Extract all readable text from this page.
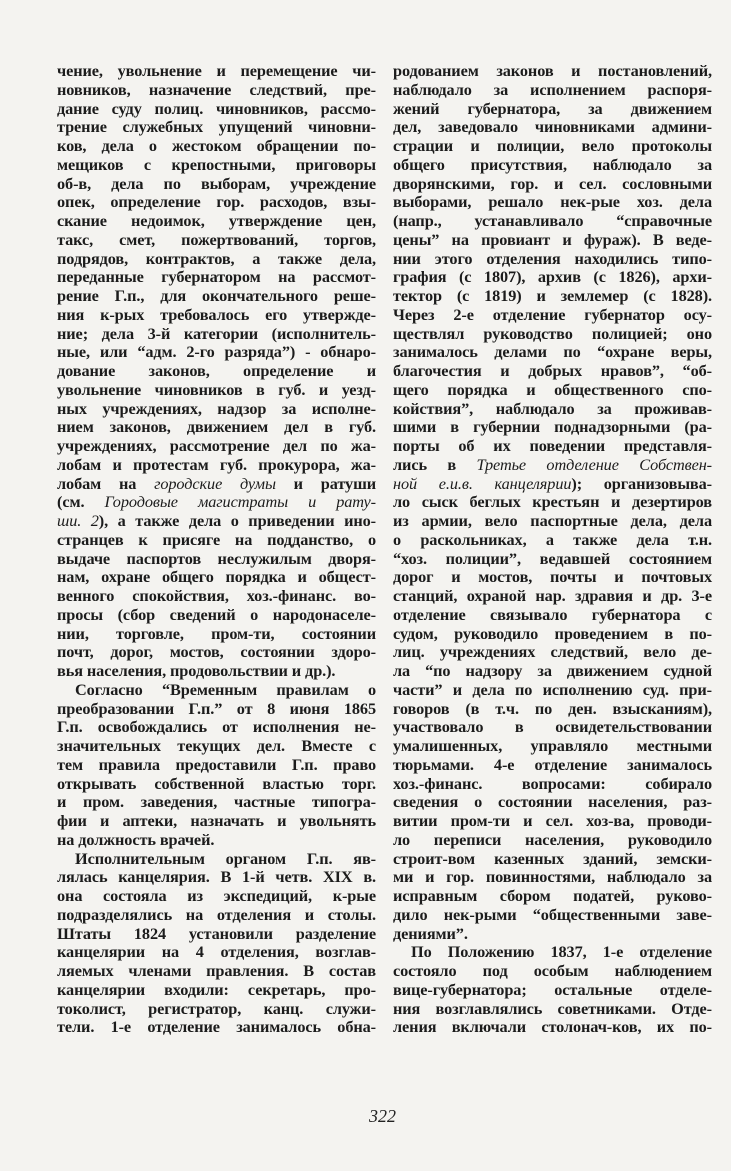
чение, увольнение и перемещение чи-
новников, назначение следствий, пре-
дание суду полиц. чиновников, рассмо-
трение служебных упущений чиновни-
ков, дела о жестоком обращении по-
мещиков с крепостными, приговоры
об-в, дела по выборам, учреждение
опек, определение гор. расходов, взы-
скание недоимок, утверждение цен,
такс, смет, пожертвований, торгов,
подрядов, контрактов, а также дела,
переданные губернатором на рассмот-
рение Г.п., для окончательного реше-
ния к-рых требовалось его утвержде-
ние; дела 3-й категории (исполнитель-
ные, или “адм. 2-го разряда”) - обнаро-
дование законов, определение и
увольнение чиновников в губ. и уезд-
ных учреждениях, надзор за исполне-
нием законов, движением дел в губ.
учреждениях, рассмотрение дел по жа-
лобам и протестам губ. прокурора, жа-
лобам на городские думы и ратуши
(см. Городовые магистраты и рату-
ши. 2), а также дела о приведении ино-
странцев к присяге на подданство, о
выдаче паспортов неслужилым дворя-
нам, охране общего порядка и общест-
венного спокойствия, хоз.-финанс. во-
просы (сбор сведений о народонаселе-
нии, торговле, пром-ти, состоянии
почт, дорог, мостов, состоянии здоро-
вья населения, продовольствии и др.).
Согласно “Временным правилам о
преобразовании Г.п.” от 8 июня 1865
Г.п. освобождались от исполнения не-
значительных текущих дел. Вместе с
тем правила предоставили Г.п. право
открывать собственной властью торг.
и пром. заведения, частные типогра-
фии и аптеки, назначать и увольнять
на должность врачей.
Исполнительным органом Г.п. яв-
лялась канцелярия. В 1-й четв. XIX в.
она состояла из экспедиций, к-рые
подразделялись на отделения и столы.
Штаты 1824 установили разделение
канцелярии на 4 отделения, возглав-
ляемых членами правления. В состав
канцелярии входили: секретарь, про-
токолист, регистратор, канц. служи-
тели. 1-е отделение занималось обна-
родованием законов и постановлений,
наблюдало за исполнением распоря-
жений губернатора, за движением
дел, заведовало чиновниками админи-
страции и полиции, вело протоколы
общего присутствия, наблюдало за
дворянскими, гор. и сел. сословными
выборами, решало нек-рые хоз. дела
(напр., устанавливало “справочные
цены” на провиант и фураж). В веде-
нии этого отделения находились типо-
графия (с 1807), архив (с 1826), архи-
тектор (с 1819) и землемер (с 1828).
Через 2-е отделение губернатор осу-
ществлял руководство полицией; оно
занималось делами по “охране веры,
благочестия и добрых нравов”, “об-
щего порядка и общественного спо-
койствия”, наблюдало за проживав-
шими в губернии поднадзорными (ра-
порты об их поведении представля-
лись в Третье отделение Собствен-
ной е.и.в. канцелярии); организовыва-
ло сыск беглых крестьян и дезертиров
из армии, вело паспортные дела, дела
о раскольниках, а также дела т.н.
“хоз. полиции”, ведавшей состоянием
дорог и мостов, почты и почтовых
станций, охраной нар. здравия и др. 3-е
отделение связывало губернатора с
судом, руководило проведением в по-
лиц. учреждениях следствий, вело де-
ла “по надзору за движением судной
части” и дела по исполнению суд. при-
говоров (в т.ч. по ден. взысканиям),
участвовало в освидетельствовании
умалишенных, управляло местными
тюрьмами. 4-е отделение занималось
хоз.-финанс. вопросами: собирало
сведения о состоянии населения, раз-
витии пром-ти и сел. хоз-ва, проводи-
ло переписи населения, руководило
строит-вом казенных зданий, земски-
ми и гор. повинностями, наблюдало за
исправным сбором податей, руково-
дило нек-рыми “общественными заве-
дениями”.
По Положению 1837, 1-е отделение
состояло под особым наблюдением
вице-губернатора; остальные отделе-
ния возглавлялись советниками. Отде-
ления включали столонач-ков, их по-
322
